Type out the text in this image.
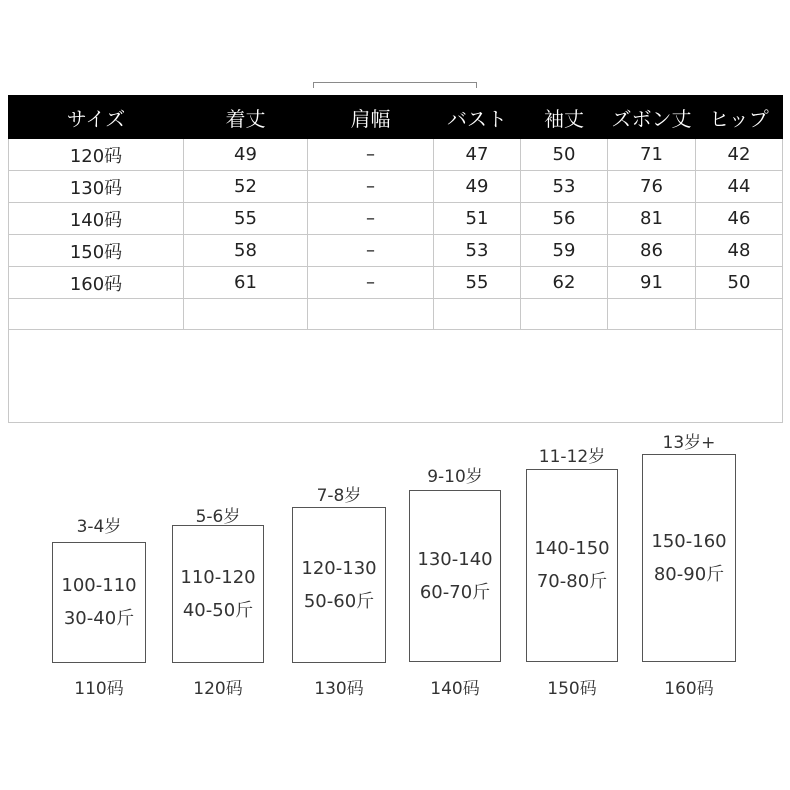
サイズ	着丈	肩幅	バスト	袖丈	ズボン丈	ヒップ
120码	49	–	47	50	71	42
130码	52	–	49	53	76	44
140码	55	–	51	56	81	46
150码	58	–	53	59	86	48
160码	61	–	55	62	91	50

3-4岁
100-110
30-40斤
110码
5-6岁
110-120
40-50斤
120码
7-8岁
120-130
50-60斤
130码
9-10岁
130-140
60-70斤
140码
11-12岁
140-150
70-80斤
150码
13岁+
150-160
80-90斤
160码
